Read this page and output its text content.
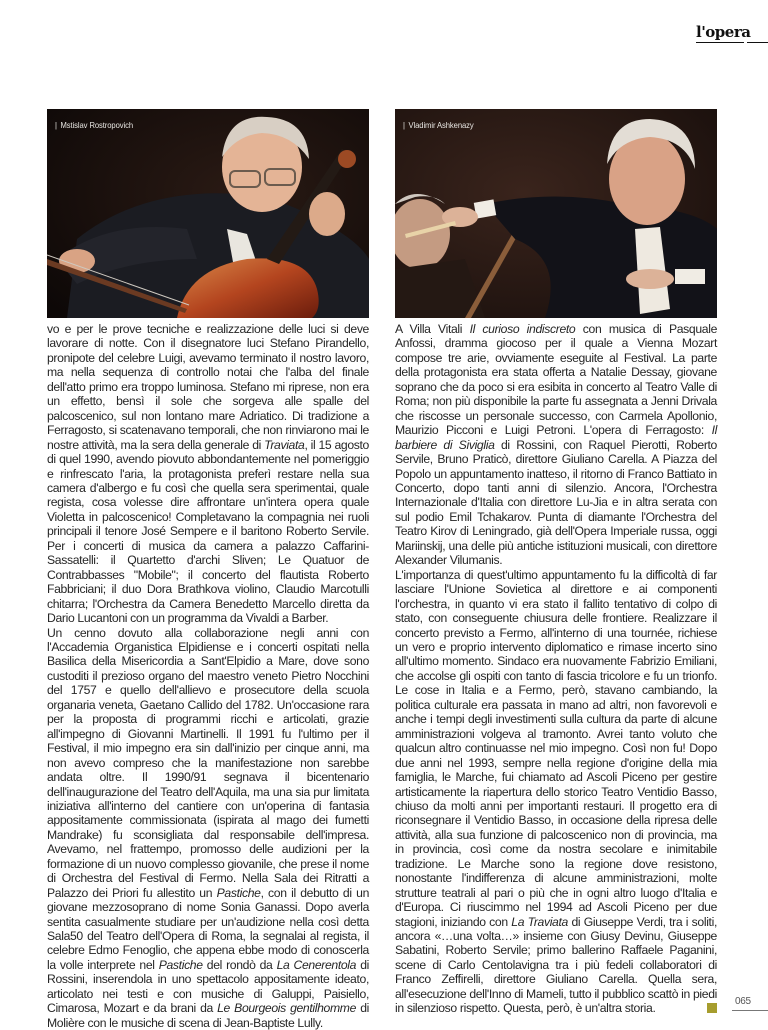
l'opera
| Mstislav Rostropovich	| Vladimir Ashkenazy

vo e per le prove tecniche e realizzazione delle luci si deve lavorare di notte. Con il disegnatore luci Stefano Pirandello, pronipote del celebre Luigi, avevamo terminato il nostro lavoro, ma nella sequenza di controllo notai che l'alba del finale dell'atto primo era troppo luminosa. Stefano mi riprese, non era un effetto, bensì il sole che sorgeva alle spalle del palcoscenico, sul non lontano mare Adriatico. Di tradizione a Ferragosto, si scatenavano temporali, che non rinviarono mai le nostre attività, ma la sera della generale di Traviata, il 15 agosto di quel 1990, avendo piovuto abbondantemente nel pomeriggio e rinfrescato l'aria, la protagonista preferì restare nella sua camera d'albergo e fu così che quella sera sperimentai, quale regista, cosa volesse dire affrontare un'intera opera quale Violetta in palcoscenico! Completavano la compagnia nei ruoli principali il tenore José Sempere e il baritono Roberto Servile. Per i concerti di musica da camera a palazzo Caffarini-Sassatelli: il Quartetto d'archi Sliven; Le Quatuor de Contrabbasses "Mobile"; il concerto del flautista Roberto Fabbriciani; il duo Dora Brathkova violino, Claudio Marcotulli chitarra; l'Orchestra da Camera Benedetto Marcello diretta da Dario Lucantoni con un programma da Vivaldi a Barber.

Un cenno dovuto alla collaborazione negli anni con l'Accademia Organistica Elpidiense e i concerti ospitati nella Basilica della Misericordia a Sant'Elpidio a Mare, dove sono custoditi il prezioso organo del maestro veneto Pietro Nocchini del 1757 e quello dell'allievo e prosecutore della scuola organaria veneta, Gaetano Callido del 1782. Un'occasione rara per la proposta di programmi ricchi e articolati, grazie all'impegno di Giovanni Martinelli. Il 1991 fu l'ultimo per il Festival, il mio impegno era sin dall'inizio per cinque anni, ma non avevo compreso che la manifestazione non sarebbe andata oltre. Il 1990/91 segnava il bicentenario dell'inaugurazione del Teatro dell'Aquila, ma una sia pur limitata iniziativa all'interno del cantiere con un'operina di fantasia appositamente commissionata (ispirata al mago dei fumetti Mandrake) fu sconsigliata dal responsabile dell'impresa. Avevamo, nel frattempo, promosso delle audizioni per la formazione di un nuovo complesso giovanile, che prese il nome di Orchestra del Festival di Fermo. Nella Sala dei Ritratti a Palazzo dei Priori fu allestito un Pastiche, con il debutto di un giovane mezzosoprano di nome Sonia Ganassi. Dopo averla sentita casualmente studiare per un'audizione nella così detta Sala50 del Teatro dell'Opera di Roma, la segnalai al regista, il celebre Edmo Fenoglio, che appena ebbe modo di conoscerla la volle interprete nel Pastiche del rondò da La Cenerentola di Rossini, inserendola in uno spettacolo appositamente ideato, articolato nei testi e con musiche di Galuppi, Paisiello, Cimarosa, Mozart e da brani da Le Bourgeois gentilhomme di Molière con le musiche di scena di Jean-Baptiste Lully.

A Villa Vitali Il curioso indiscreto con musica di Pasquale Anfossi, dramma giocoso per il quale a Vienna Mozart compose tre arie, ovviamente eseguite al Festival. La parte della protagonista era stata offerta a Natalie Dessay, giovane soprano che da poco si era esibita in concerto al Teatro Valle di Roma; non più disponibile la parte fu assegnata a Jenni Drivala che riscosse un personale successo, con Carmela Apollonio, Maurizio Picconi e Luigi Petroni. L'opera di Ferragosto: Il barbiere di Siviglia di Rossini, con Raquel Pierotti, Roberto Servile, Bruno Praticò, direttore Giuliano Carella. A Piazza del Popolo un appuntamento inatteso, il ritorno di Franco Battiato in Concerto, dopo tanti anni di silenzio. Ancora, l'Orchestra Internazionale d'Italia con direttore Lu-Jia e in altra serata con sul podio Emil Tchakarov. Punta di diamante l'Orchestra del Teatro Kirov di Leningrado, già dell'Opera Imperiale russa, oggi Mariinskij, una delle più antiche istituzioni musicali, con direttore Alexander Vilumanis.

L'importanza di quest'ultimo appuntamento fu la difficoltà di far lasciare l'Unione Sovietica al direttore e ai componenti l'orchestra, in quanto vi era stato il fallito tentativo di colpo di stato, con conseguente chiusura delle frontiere. Realizzare il concerto previsto a Fermo, all'interno di una tournée, richiese un vero e proprio intervento diplomatico e rimase incerto sino all'ultimo momento. Sindaco era nuovamente Fabrizio Emiliani, che accolse gli ospiti con tanto di fascia tricolore e fu un trionfo. Le cose in Italia e a Fermo, però, stavano cambiando, la politica culturale era passata in mano ad altri, non favorevoli e anche i tempi degli investimenti sulla cultura da parte di alcune amministrazioni volgeva al tramonto. Avrei tanto voluto che qualcun altro continuasse nel mio impegno. Così non fu! Dopo due anni nel 1993, sempre nella regione d'origine della mia famiglia, le Marche, fui chiamato ad Ascoli Piceno per gestire artisticamente la riapertura dello storico Teatro Ventidio Basso, chiuso da molti anni per importanti restauri. Il progetto era di riconsegnare il Ventidio Basso, in occasione della ripresa delle attività, alla sua funzione di palcoscenico non di provincia, ma in provincia, così come da nostra secolare e inimitabile tradizione. Le Marche sono la regione dove resistono, nonostante l'indifferenza di alcune amministrazioni, molte strutture teatrali al pari o più che in ogni altro luogo d'Italia e d'Europa. Ci riuscimmo nel 1994 ad Ascoli Piceno per due stagioni, iniziando con La Traviata di Giuseppe Verdi, tra i soliti, ancora «…una volta…» insieme con Giusy Devinu, Giuseppe Sabatini, Roberto Servile; primo ballerino Raffaele Paganini, scene di Carlo Centolavigna tra i più fedeli collaboratori di Franco Zeffirelli, direttore Giuliano Carella. Quella sera, all'esecuzione dell'Inno di Mameli, tutto il pubblico scattò in piedi in silenzioso rispetto. Questa, però, è un'altra storia.	065
